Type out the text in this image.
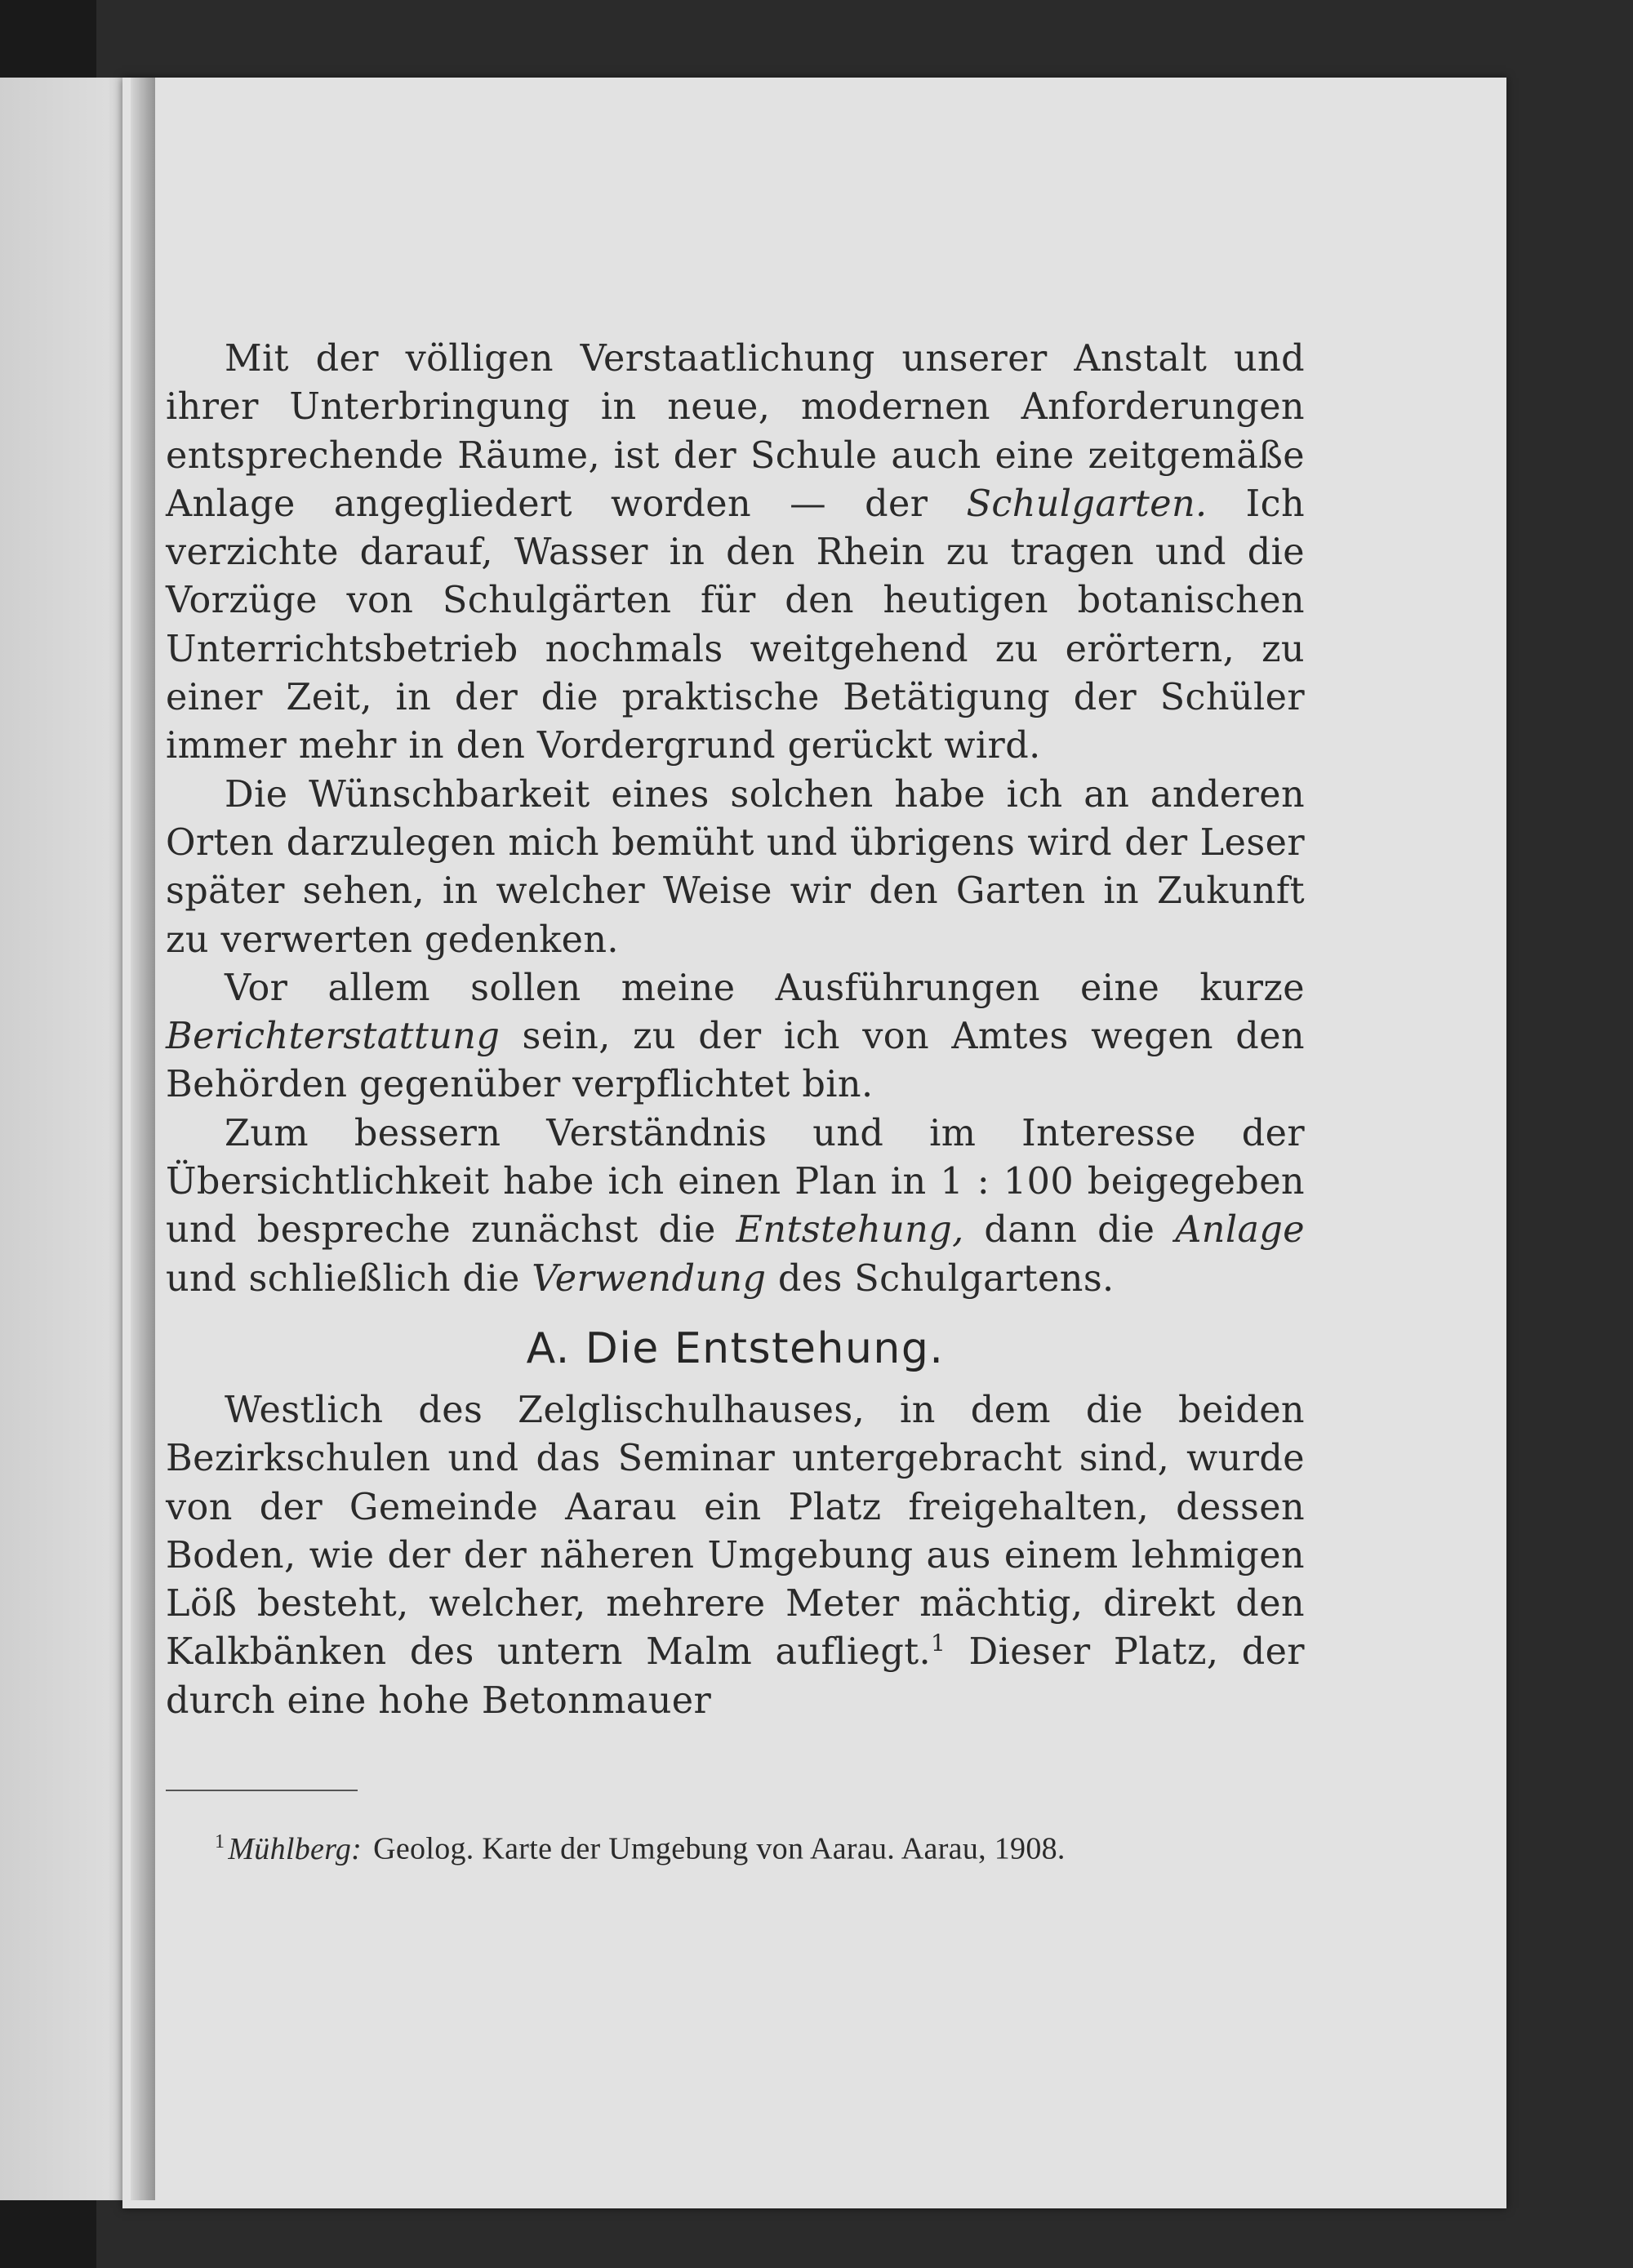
Mit der völligen Verstaatlichung unserer Anstalt und ihrer Unterbringung in neue, modernen Anforderungen entsprechende Räume, ist der Schule auch eine zeitgemäße Anlage angegliedert worden — der Schulgarten. Ich verzichte darauf, Wasser in den Rhein zu tragen und die Vorzüge von Schulgärten für den heutigen botanischen Unterrichtsbetrieb nochmals weitgehend zu erörtern, zu einer Zeit, in der die praktische Betätigung der Schüler immer mehr in den Vordergrund gerückt wird.

Die Wünschbarkeit eines solchen habe ich an anderen Orten darzulegen mich bemüht und übrigens wird der Leser später sehen, in welcher Weise wir den Garten in Zukunft zu verwerten gedenken.

Vor allem sollen meine Ausführungen eine kurze Berichterstattung sein, zu der ich von Amtes wegen den Behörden gegenüber verpflichtet bin.

Zum bessern Verständnis und im Interesse der Übersichtlichkeit habe ich einen Plan in 1 : 100 beigegeben und bespreche zunächst die Entstehung, dann die Anlage und schließlich die Verwendung des Schulgartens.

A. Die Entstehung.

Westlich des Zelglischulhauses, in dem die beiden Bezirkschulen und das Seminar untergebracht sind, wurde von der Gemeinde Aarau ein Platz freigehalten, dessen Boden, wie der der näheren Umgebung aus einem lehmigen Löß besteht, welcher, mehrere Meter mächtig, direkt den Kalkbänken des untern Malm aufliegt.$^1$ Dieser Platz, der durch eine hohe Betonmauer

$^1$ Mühlberg: Geolog. Karte der Umgebung von Aarau. Aarau, 1908.
